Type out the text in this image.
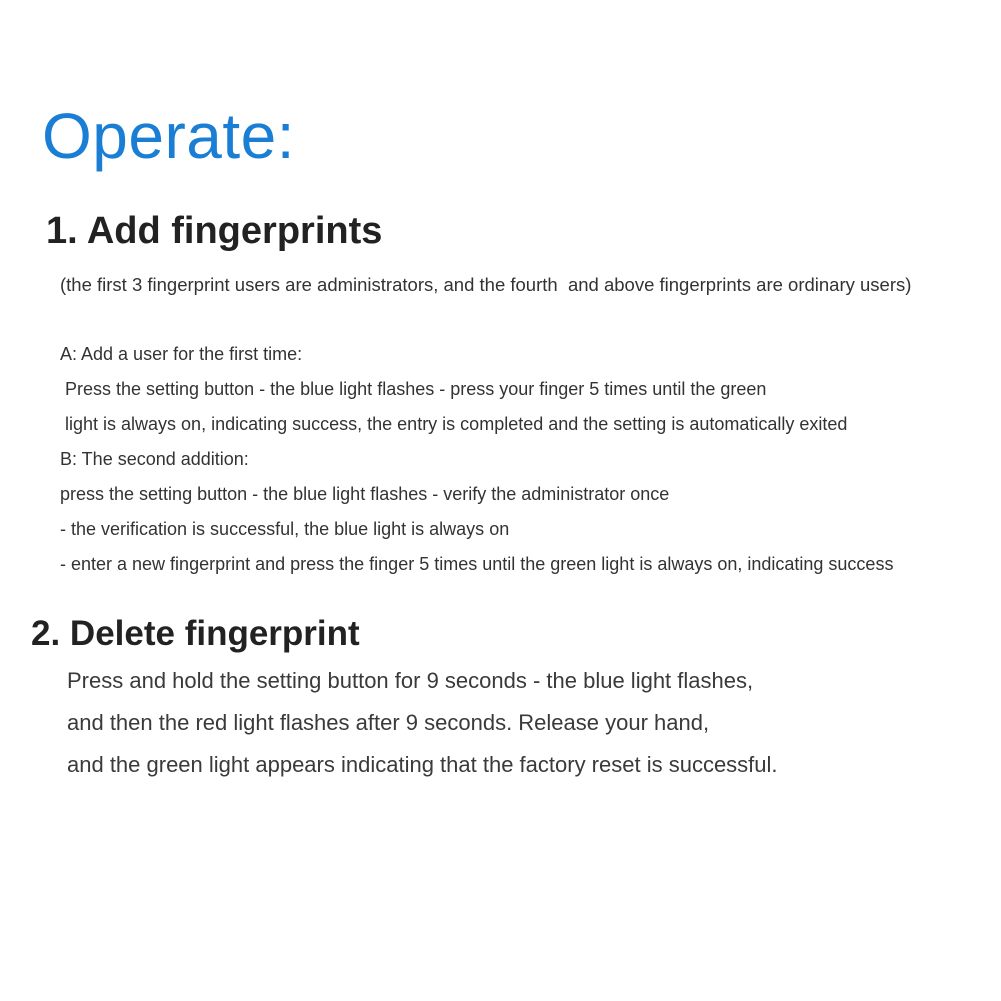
Operate:
1. Add fingerprints

(the first 3 fingerprint users are administrators, and the fourth  and above fingerprints are ordinary users)

A: Add a user for the first time:

Press the setting button - the blue light flashes - press your finger 5 times until the green

light is always on, indicating success, the entry is completed and the setting is automatically exited

B: The second addition:

press the setting button - the blue light flashes - verify the administrator once

- the verification is successful, the blue light is always on

- enter a new fingerprint and press the finger 5 times until the green light is always on, indicating success

2. Delete fingerprint

Press and hold the setting button for 9 seconds - the blue light flashes,

and then the red light flashes after 9 seconds. Release your hand,

and the green light appears indicating that the factory reset is successful.
